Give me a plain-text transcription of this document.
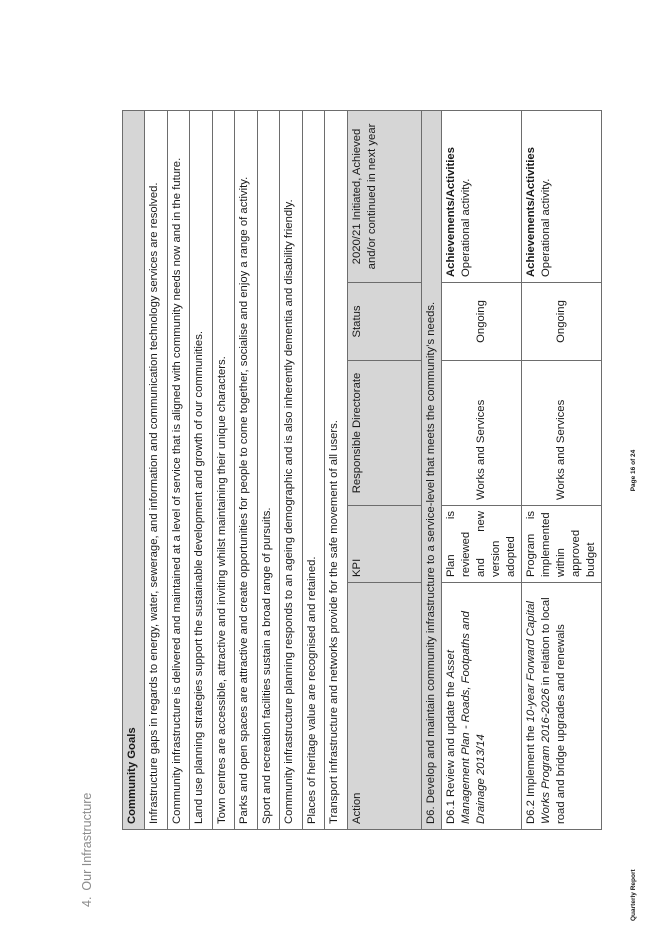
4.Our Infrastructure
Community Goals				
Infrastructure gaps in regards to energy, water, sewerage, and information and communication technology services are resolved.				
Community infrastructure is delivered and maintained at a level of service that is aligned with community needs now and in the future.				
Land use planning strategies support the sustainable development and growth of our communities.				
Town centres are accessible, attractive and inviting whilst maintaining their unique characters.				
Parks and open spaces are attractive and create opportunities for people to come together, socialise and enjoy a range of activity.				
Sport and recreation facilities sustain a broad range of pursuits.				
Community infrastructure planning responds to an ageing demographic and is also inherently dementia and disability friendly.				
Places of heritage value are recognised and retained.				
Transport infrastructure and networks provide for the safe movement of all users.				
Action	KPI	Responsible Directorate	Status	2020/21 Initiated, Achieved and/or continued in next year
D6. Develop and maintain community infrastructure to a service-level that meets the community’s needs.				
D6.1 Review and update the Asset Management Plan - Roads, Footpaths and Drainage 2013/14	Plan is reviewed and new version adopted	Works and Services	Ongoing	Achievements/Activities Operational activity.

D6.2 Implement the 10-year Forward Capital Works Program 2016-2026 in relation to local road and bridge upgrades and renewals	Program is implemented within approved budget	Works and Services	Ongoing	Achievements/Activities Operational activity.
Quarterly Report
Page 16 of 24
